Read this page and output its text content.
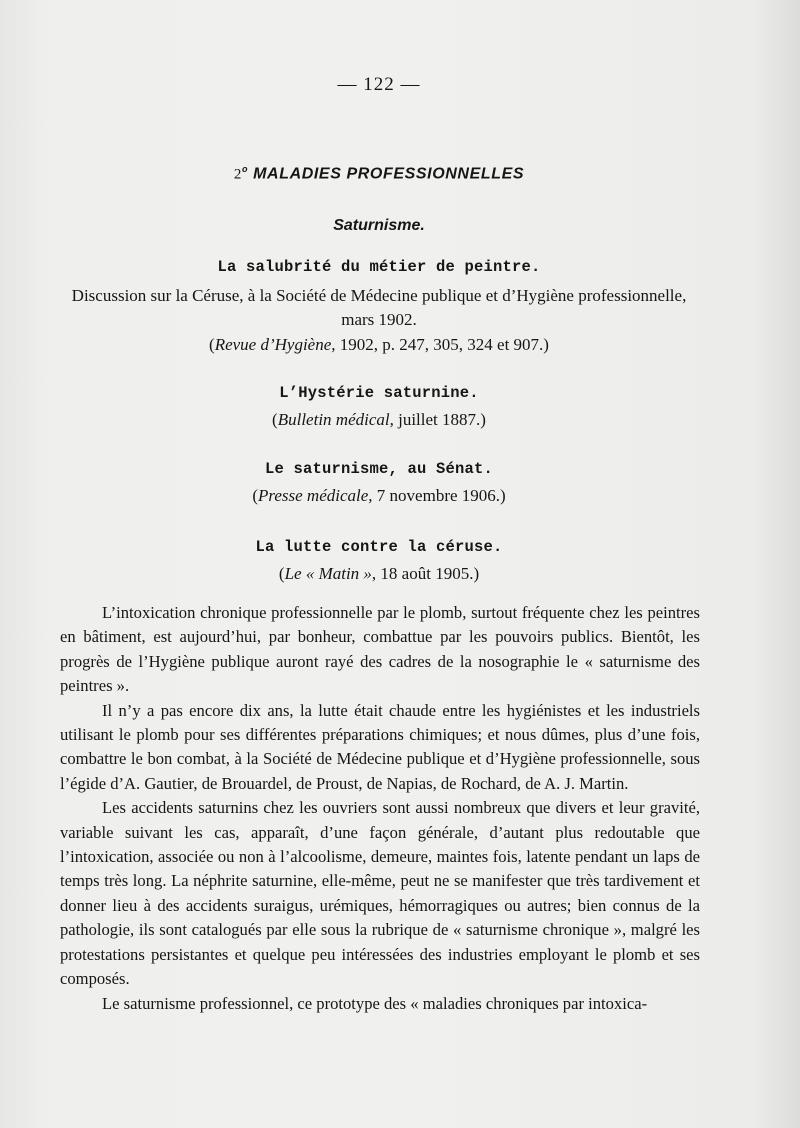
— 122 —
2$^o$ MALADIES PROFESSIONNELLES
Saturnisme.
La salubrité du métier de peintre.
Discussion sur la Céruse, à la Société de Médecine publique et d’Hygiène professionnelle,
mars 1902.
(Revue d’Hygiène, 1902, p. 247, 305, 324 et 907.)
L’Hystérie saturnine.
(Bulletin médical, juillet 1887.)
Le saturnisme, au Sénat.
(Presse médicale, 7 novembre 1906.)
La lutte contre la céruse.
(Le « Matin », 18 août 1905.)

L’intoxication chronique professionnelle par le plomb, surtout fréquente chez les peintres en bâtiment, est aujourd’hui, par bonheur, combattue par les pouvoirs publics. Bientôt, les progrès de l’Hygiène publique auront rayé des cadres de la nosographie le « saturnisme des peintres ».

Il n’y a pas encore dix ans, la lutte était chaude entre les hygiénistes et les industriels utilisant le plomb pour ses différentes préparations chimiques; et nous dûmes, plus d’une fois, combattre le bon combat, à la Société de Médecine publique et d’Hygiène professionnelle, sous l’égide d’A. Gautier, de Brouardel, de Proust, de Napias, de Rochard, de A. J. Martin.

Les accidents saturnins chez les ouvriers sont aussi nombreux que divers et leur gravité, variable suivant les cas, apparaît, d’une façon générale, d’autant plus redoutable que l’intoxication, associée ou non à l’alcoolisme, demeure, maintes fois, latente pendant un laps de temps très long. La néphrite saturnine, elle-même, peut ne se manifester que très tardivement et donner lieu à des accidents suraigus, urémiques, hémorragiques ou autres; bien connus de la pathologie, ils sont catalogués par elle sous la rubrique de « saturnisme chronique », malgré les protestations persistantes et quelque peu intéressées des industries employant le plomb et ses composés.

Le saturnisme professionnel, ce prototype des « maladies chroniques par intoxica-
